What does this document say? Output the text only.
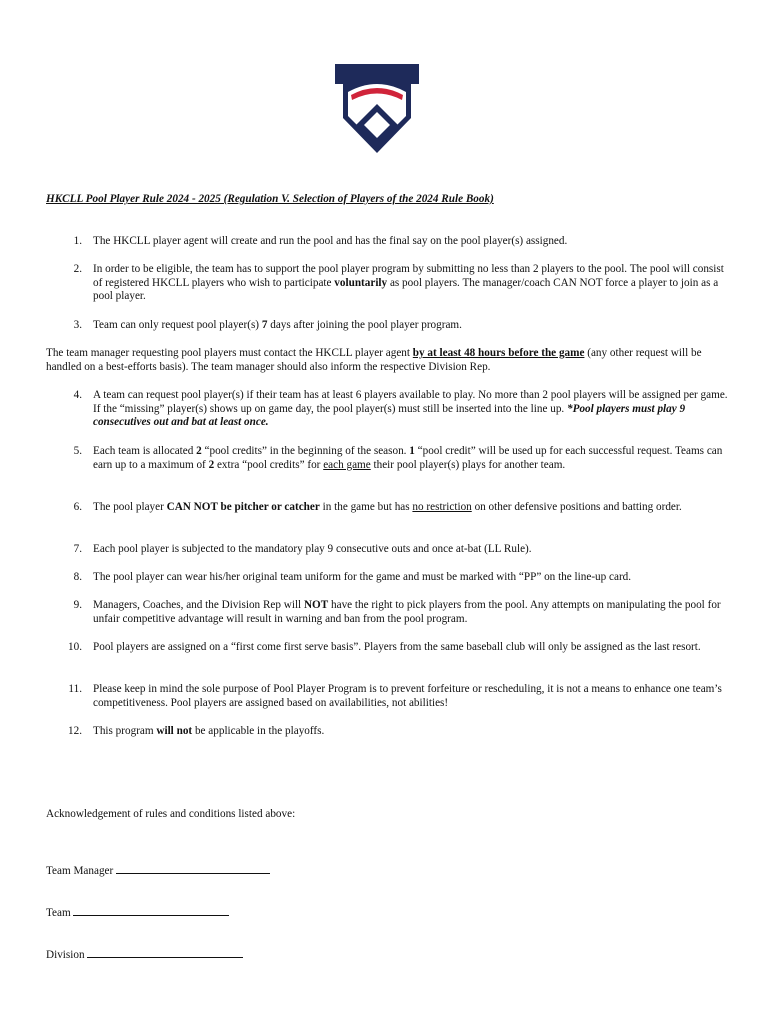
HKCLL Pool Player Rule 2024 - 2025 (Regulation V. Selection of Players of the 2024 Rule Book)
1. The HKCLL player agent will create and run the pool and has the final say on the pool player(s) assigned.
2. In order to be eligible, the team has to support the pool player program by submitting no less than 2 players to the pool. The pool will consist of registered HKCLL players who wish to participate voluntarily as pool players. The manager/coach CAN NOT force a player to join as a pool player.
3. Team can only request pool player(s) 7 days after joining the pool player program.
The team manager requesting pool players must contact the HKCLL player agent by at least 48 hours before the game (any other request will be handled on a best-efforts basis). The team manager should also inform the respective Division Rep.
4. A team can request pool player(s) if their team has at least 6 players available to play. No more than 2 pool players will be assigned per game. If the “missing” player(s) shows up on game day, the pool player(s) must still be inserted into the line up. *Pool players must play 9 consecutives out and bat at least once.
5. Each team is allocated 2 “pool credits” in the beginning of the season. 1 “pool credit” will be used up for each successful request. Teams can earn up to a maximum of 2 extra “pool credits” for each game their pool player(s) plays for another team.
6. The pool player CAN NOT be pitcher or catcher in the game but has no restriction on other defensive positions and batting order.
7. Each pool player is subjected to the mandatory play 9 consecutive outs and once at-bat (LL Rule).
8. The pool player can wear his/her original team uniform for the game and must be marked with “PP” on the line-up card.
9. Managers, Coaches, and the Division Rep will NOT have the right to pick players from the pool. Any attempts on manipulating the pool for unfair competitive advantage will result in warning and ban from the pool program.
10. Pool players are assigned on a “first come first serve basis”. Players from the same baseball club will only be assigned as the last resort.
11. Please keep in mind the sole purpose of Pool Player Program is to prevent forfeiture or rescheduling, it is not a means to enhance one team’s competitiveness. Pool players are assigned based on availabilities, not abilities!
12. This program will not be applicable in the playoffs.
Acknowledgement of rules and conditions listed above:
Team Manager
Team
Division
